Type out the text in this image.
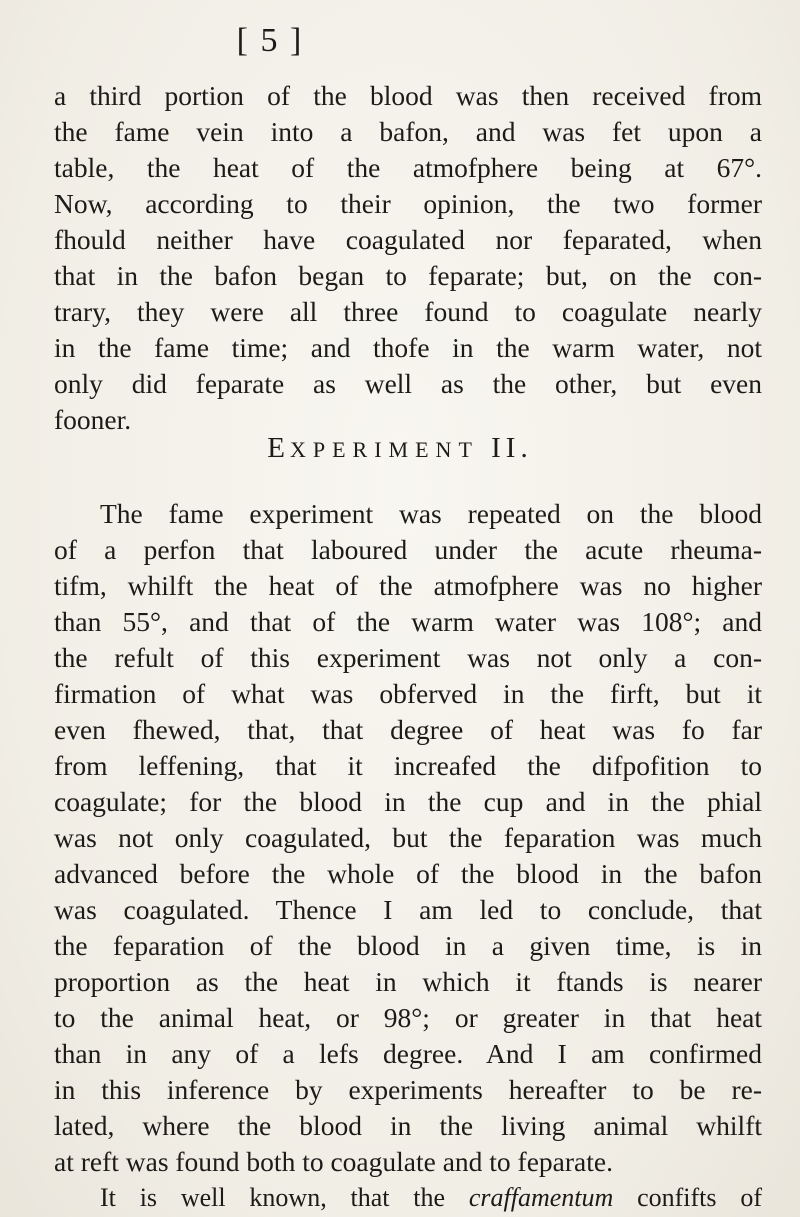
[ 5 ]
a third portion of the blood was then received from
the fame vein into a bafon, and was fet upon a
table, the heat of the atmofphere being at 67°.
Now, according to their opinion, the two former
fhould neither have coagulated nor feparated, when
that in the bafon began to feparate; but, on the con-
trary, they were all three found to coagulate nearly
in the fame time; and thofe in the warm water, not
only did feparate as well as the other, but even
fooner.
EXPERIMENT II.
The fame experiment was repeated on the blood
of a perfon that laboured under the acute rheuma-
tifm, whilft the heat of the atmofphere was no higher
than 55°, and that of the warm water was 108°; and
the refult of this experiment was not only a con-
firmation of what was obferved in the firft, but it
even fhewed, that, that degree of heat was fo far
from leffening, that it increafed the difpofition to
coagulate; for the blood in the cup and in the phial
was not only coagulated, but the feparation was much
advanced before the whole of the blood in the bafon
was coagulated. Thence I am led to conclude, that
the feparation of the blood in a given time, is in
proportion as the heat in which it ftands is nearer
to the animal heat, or 98°; or greater in that heat
than in any of a lefs degree. And I am confirmed
in this inference by experiments hereafter to be re-
lated, where the blood in the living animal whilft
at reft was found both to coagulate and to feparate.
It is well known, that the craffamentum confifts of
